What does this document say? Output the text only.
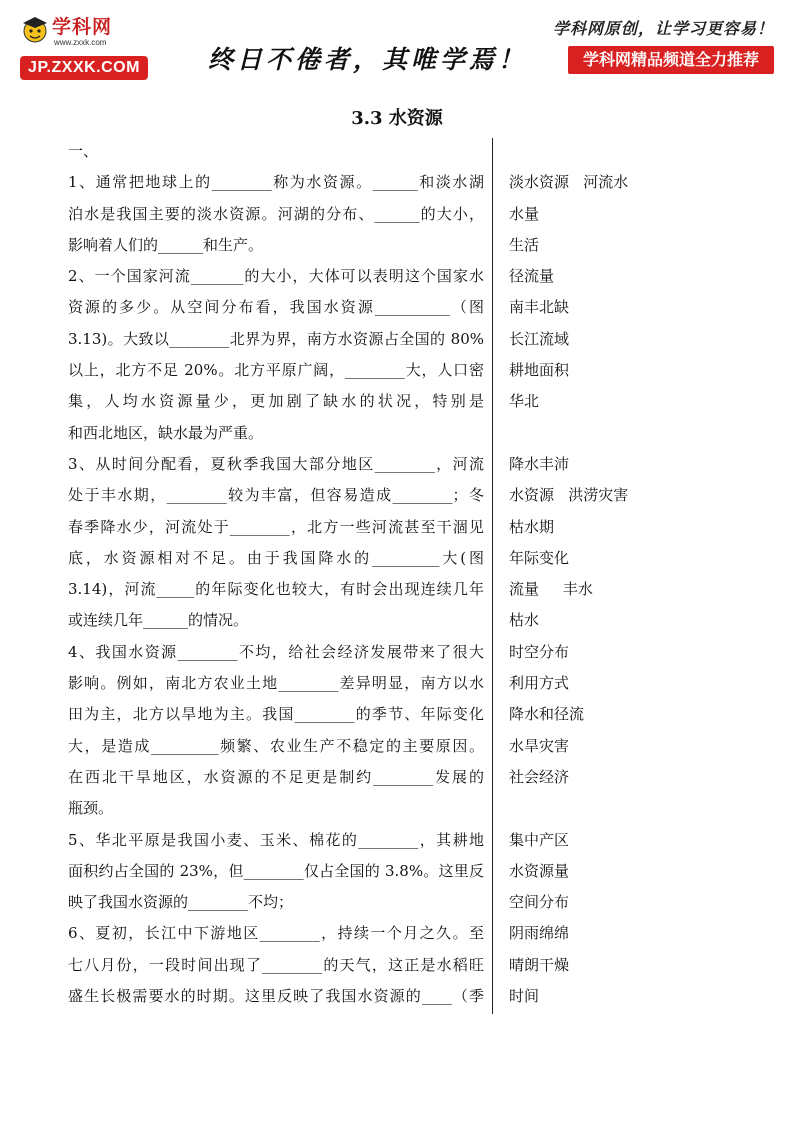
学科网
www.zxxk.com
JP.ZXXK.COM	终日不倦者，其唯学焉！
学科网原创，让学习更容易！
学科网精品频道全力推荐
3.3 水资源
一、
1、通常把地球上的________称为水资源。______和淡水湖
泊水是我国主要的淡水资源。河湖的分布、______的大小，
影响着人们的______和生产。
2、一个国家河流_______的大小，大体可以表明这个国家水
资源的多少。从空间分布看，我国水资源__________（图
3.13)。大致以________北界为界，南方水资源占全国的 80%
以上，北方不足 20%。北方平原广阔，________大，人口密
集，人均水资源量少，更加剧了缺水的状况，特别是
和西北地区，缺水最为严重。
3、从时间分配看，夏秋季我国大部分地区________，河流
处于丰水期，________较为丰富，但容易造成________；冬
春季降水少，河流处于________，北方一些河流甚至干涸见
底，水资源相对不足。由于我国降水的_________大(图
3.14)，河流_____的年际变化也较大，有时会出现连续几年
或连续几年______的情况。
4、我国水资源________不均，给社会经济发展带来了很大
影响。例如，南北方农业土地________差异明显，南方以水
田为主，北方以旱地为主。我国________的季节、年际变化
大，是造成_________频繁、农业生产不稳定的主要原因。
在西北干旱地区，水资源的不足更是制约________发展的
瓶颈。
5、华北平原是我国小麦、玉米、棉花的________，其耕地
面积约占全国的 23%，但________仅占全国的 3.8%。这里反
映了我国水资源的________不均；
6、夏初，长江中下游地区________，持续一个月之久。至
七八月份，一段时间出现了________的天气，这正是水稻旺
盛生长极需要水的时期。这里反映了我国水资源的____（季
淡水资源   河流水
水量
生活
径流量
南丰北缺
长江流域
耕地面积
华北
降水丰沛
水资源   洪涝灾害
枯水期
年际变化
流量     丰水
枯水
时空分布
利用方式
降水和径流
水旱灾害
社会经济
集中产区
水资源量
空间分布
阴雨绵绵
晴朗干燥
时间
